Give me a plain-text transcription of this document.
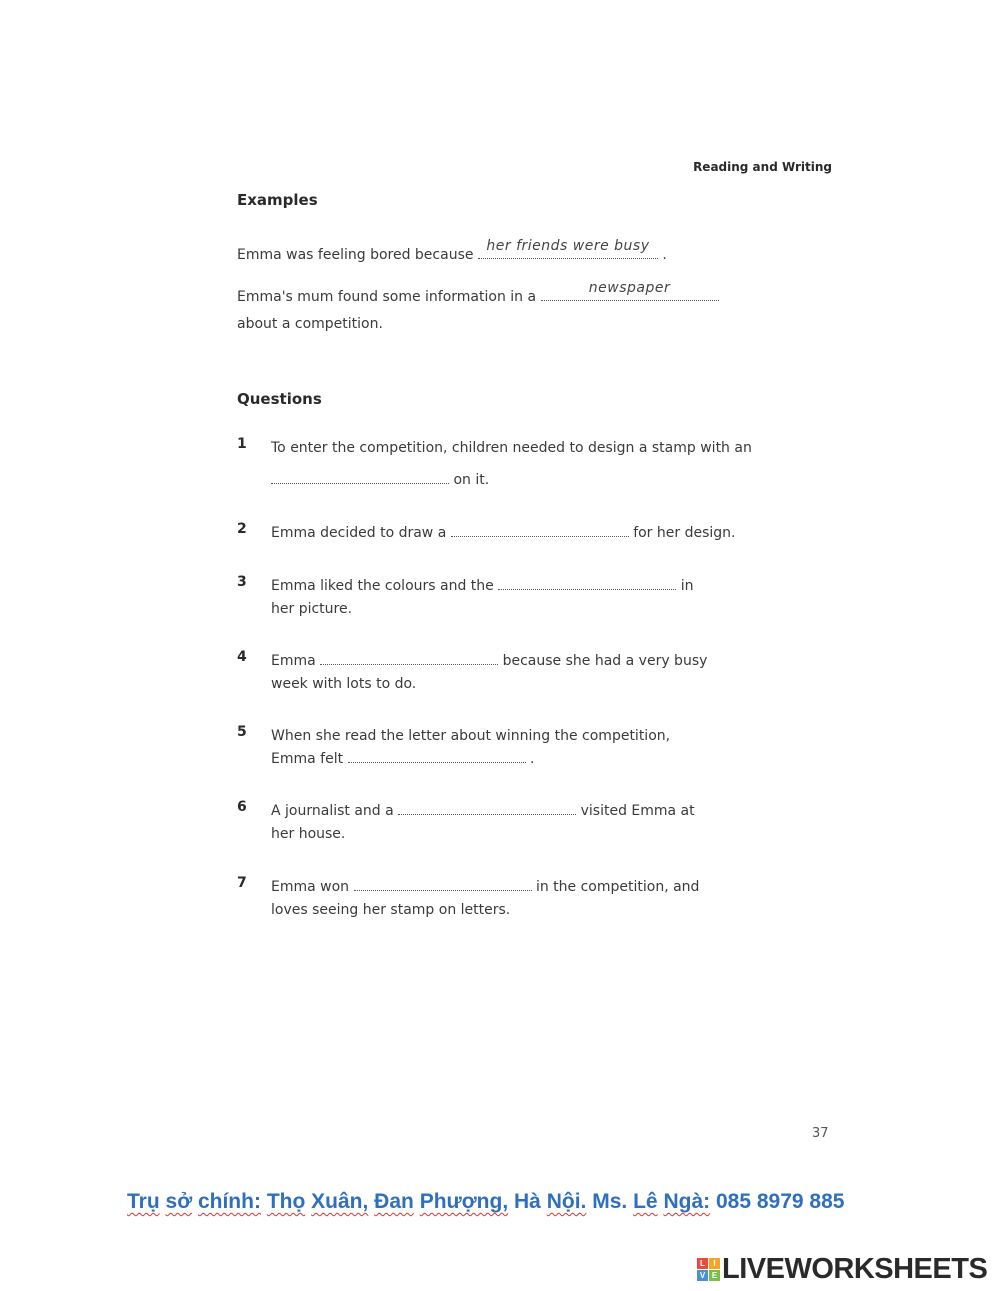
Reading and Writing
Examples
Emma was feeling bored because
her friends were busy
.
Emma's mum found some information in a
newspaper
about a competition.
Questions
1 To enter the competition, children needed to design a stamp with an
on it.
2 Emma decided to draw a	for her design.
3 Emma liked the colours and the	in
her picture.
4 Emma	because she had a very busy
week with lots to do.
5 When she read the letter about winning the competition,
Emma felt	.
6 A journalist and a	visited Emma at
her house.
7 Emma won	in the competition, and
loves seeing her stamp on letters.
37
Trụ sở chính: Thọ Xuân, Đan Phượng, Hà Nội. Ms. Lê Ngà: 085 8979 885
L	I
V E LIVEWORKSHEETS
